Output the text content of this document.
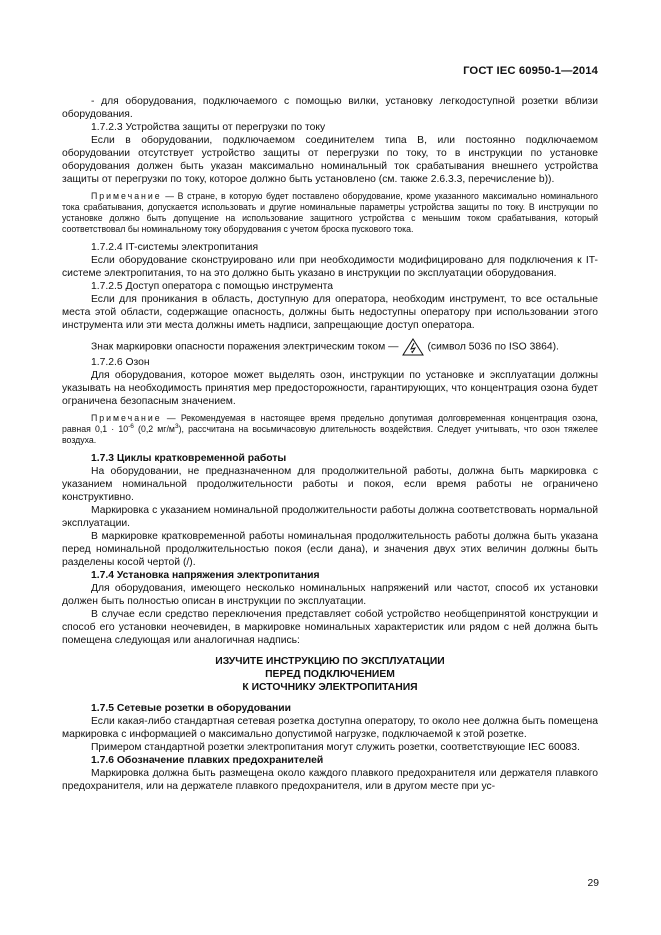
ГОСТ IEC 60950-1—2014

- для оборудования, подключаемого с помощью вилки, установку легкодоступной розетки вблизи оборудования.

1.7.2.3 Устройства защиты от перегрузки по току

Если в оборудовании, подключаемом соединителем типа В, или постоянно подключаемом оборудовании отсутствует устройство защиты от перегрузки по току, то в инструкции по установке оборудования должен быть указан максимально номинальный ток срабатывания внешнего устройства защиты от перегрузки по току, которое должно быть установлено (см. также 2.6.3.3, перечисление b)).

Примечание — В стране, в которую будет поставлено оборудование, кроме указанного максимально номинального тока срабатывания, допускается использовать и другие номинальные параметры устройства защиты по току. В инструкции по установке должно быть допущение на использование защитного устройства с меньшим током срабатывания, который соответствовал бы номинальному току оборудования с учетом броска пускового тока.

1.7.2.4 IT-системы электропитания

Если оборудование сконструировано или при необходимости модифицировано для подключения к IT-системе электропитания, то на это должно быть указано в инструкции по эксплуатации оборудования.

1.7.2.5 Доступ оператора с помощью инструмента

Если для проникания в область, доступную для оператора, необходим инструмент, то все остальные места этой области, содержащие опасность, должны быть недоступны оператору при использовании этого инструмента или эти места должны иметь надписи, запрещающие доступ оператора.

Знак маркировки опасности поражения электрическим током —	(символ 5036 по ISO 3864).

1.7.2.6 Озон

Для оборудования, которое может выделять озон, инструкции по установке и эксплуатации должны указывать на необходимость принятия мер предосторожности, гарантирующих, что концентрация озона будет ограничена безопасным значением.

Примечание — Рекомендуемая в настоящее время предельно допутимая долговременная концентрация озона, равная $0,1 \cdot 10^{-6}$ (0,2 $мг/м^3$), рассчитана на восьмичасовую длительность воздействия. Следует учитывать, что озон тяжелее воздуха.

1.7.3 Циклы кратковременной работы

На оборудовании, не предназначенном для продолжительной работы, должна быть маркировка с указанием номинальной продолжительности работы и покоя, если время работы не ограничено конструктивно.

Маркировка с указанием номинальной продолжительности работы должна соответствовать нормальной эксплуатации.

В маркировке кратковременной работы номинальная продолжительность работы должна быть указана перед номинальной продолжительностью покоя (если дана), и значения двух этих величин должны быть разделены косой чертой (/).

1.7.4 Установка напряжения электропитания

Для оборудования, имеющего несколько номинальных напряжений или частот, способ их установки должен быть полностью описан в инструкции по эксплуатации.

В случае если средство переключения представляет собой устройство необщепринятой конструкции и способ его установки неочевиден, в маркировке номинальных характеристик или рядом с ней должна быть помещена следующая или аналогичная надпись:

ИЗУЧИТЕ ИНСТРУКЦИЮ ПО ЭКСПЛУАТАЦИИ

ПЕРЕД ПОДКЛЮЧЕНИЕМ

К ИСТОЧНИКУ ЭЛЕКТРОПИТАНИЯ

1.7.5 Сетевые розетки в оборудовании

Если какая-либо стандартная сетевая розетка доступна оператору, то около нее должна быть помещена маркировка с информацией о максимально допустимой нагрузке, подключаемой к этой розетке.

Примером стандартной розетки электропитания могут служить розетки, соответствующие IEC 60083.

1.7.6 Обозначение плавких предохранителей

Маркировка должна быть размещена около каждого плавкого предохранителя или держателя плавкого предохранителя, или на держателе плавкого предохранителя, или в другом месте при ус-

29
